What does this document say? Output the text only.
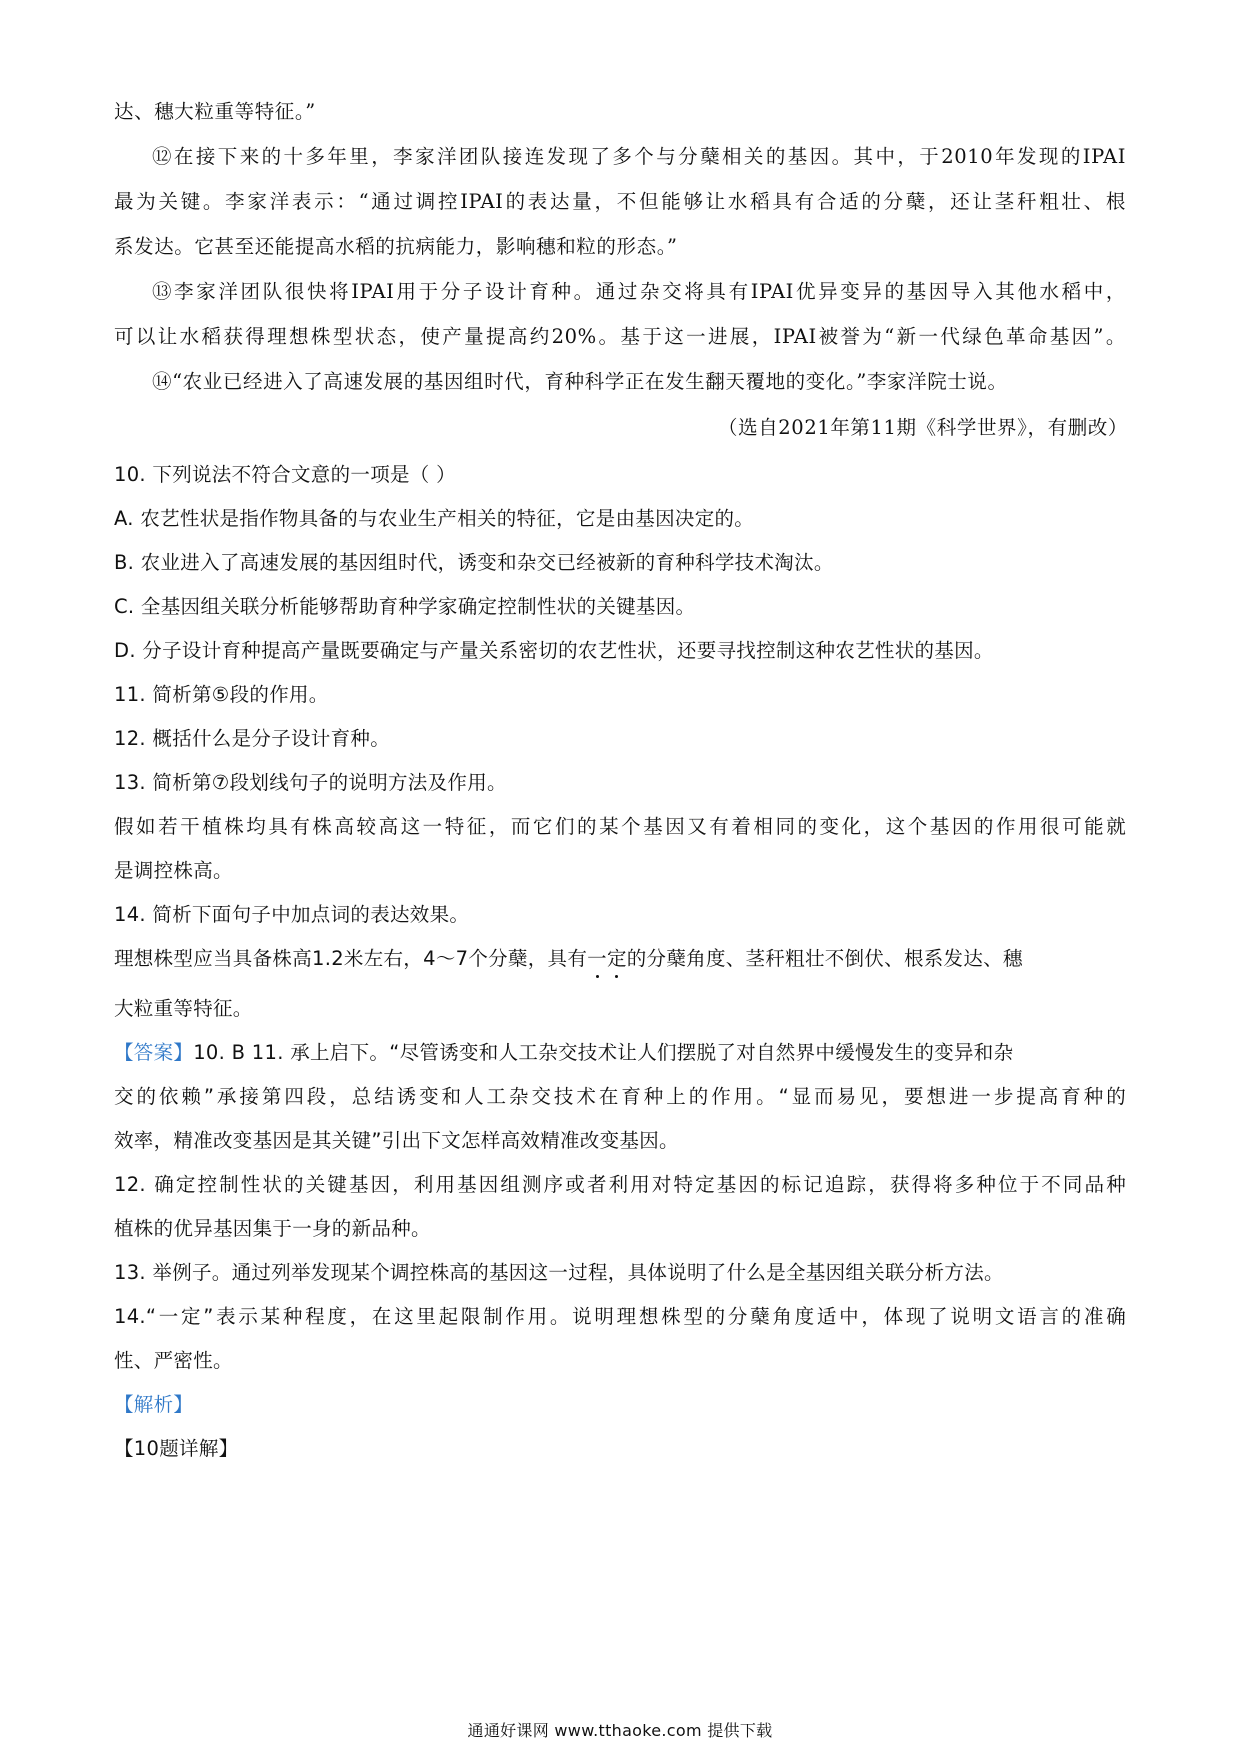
达、穗大粒重等特征。”
⑫在接下来的十多年里，李家洋团队接连发现了多个与分蘖相关的基因。其中，于2010年发现的IPAI
最为关键。李家洋表示：“通过调控IPAI的表达量，不但能够让水稻具有合适的分蘖，还让茎秆粗壮、根
系发达。它甚至还能提高水稻的抗病能力，影响穗和粒的形态。”
⑬李家洋团队很快将IPAI用于分子设计育种。通过杂交将具有IPAI优异变异的基因导入其他水稻中，
可以让水稻获得理想株型状态，使产量提高约20%。基于这一进展，IPAI被誉为“新一代绿色革命基因”。
⑭“农业已经进入了高速发展的基因组时代，育种科学正在发生翻天覆地的变化。”李家洋院士说。
（选自2021年第11期《科学世界》，有删改）
10. 下列说法不符合文意的一项是（ ）
A. 农艺性状是指作物具备的与农业生产相关的特征，它是由基因决定的。
B. 农业进入了高速发展的基因组时代，诱变和杂交已经被新的育种科学技术淘汰。
C. 全基因组关联分析能够帮助育种学家确定控制性状的关键基因。
D. 分子设计育种提高产量既要确定与产量关系密切的农艺性状，还要寻找控制这种农艺性状的基因。
11. 简析第⑤段的作用。
12. 概括什么是分子设计育种。
13. 简析第⑦段划线句子的说明方法及作用。
假如若干植株均具有株高较高这一特征，而它们的某个基因又有着相同的变化，这个基因的作用很可能就
是调控株高。
14. 简析下面句子中加点词的表达效果。
理想株型应当具备株高1.2米左右，4～7个分蘖，具有一定的分蘖角度、茎秆粗壮不倒伏、根系发达、穗
大粒重等特征。
【答案】10. B 11. 承上启下。“尽管诱变和人工杂交技术让人们摆脱了对自然界中缓慢发生的变异和杂
交的依赖”承接第四段，总结诱变和人工杂交技术在育种上的作用。“显而易见，要想进一步提高育种的
效率，精准改变基因是其关键”引出下文怎样高效精准改变基因。
12. 确定控制性状的关键基因，利用基因组测序或者利用对特定基因的标记追踪，获得将多种位于不同品种
植株的优异基因集于一身的新品种。
13. 举例子。通过列举发现某个调控株高的基因这一过程，具体说明了什么是全基因组关联分析方法。
14.“一定”表示某种程度，在这里起限制作用。说明理想株型的分蘖角度适中，体现了说明文语言的准确
性、严密性。
【解析】
【10题详解】
通通好课网 www.tthaoke.com 提供下载
